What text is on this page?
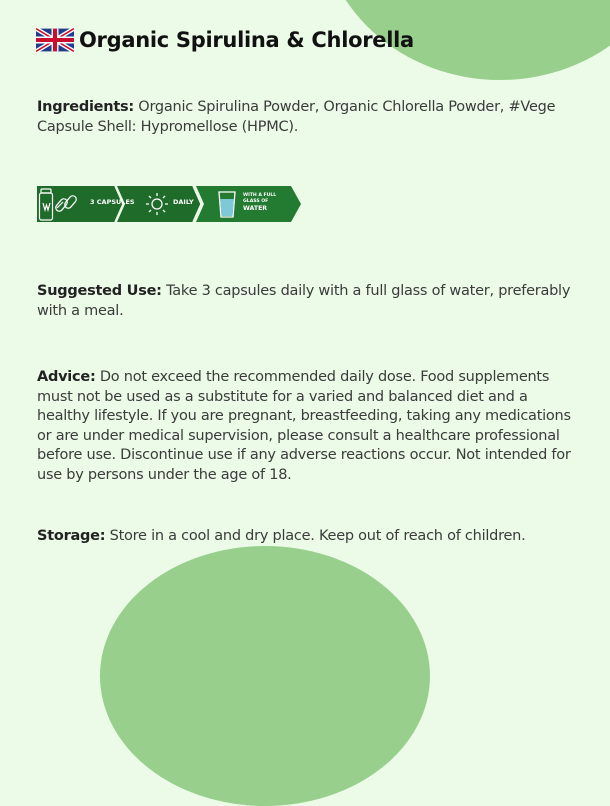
Organic Spirulina & Chlorella
Ingredients: Organic Spirulina Powder, Organic Chlorella Powder, #Vege Capsule Shell: Hypromellose (HPMC).
3 CAPSULES	DAILY
WITH A FULL
GLASS OF
WATER
Suggested Use: Take 3 capsules daily with a full glass of water, preferably with a meal.
Advice: Do not exceed the recommended daily dose. Food supplements must not be used as a substitute for a varied and balanced diet and a healthy lifestyle. If you are pregnant, breastfeeding, taking any medications or are under medical supervision, please consult a healthcare professional before use. Discontinue use if any adverse reactions occur. Not intended for use by persons under the age of 18.
Storage: Store in a cool and dry place. Keep out of reach of children.
